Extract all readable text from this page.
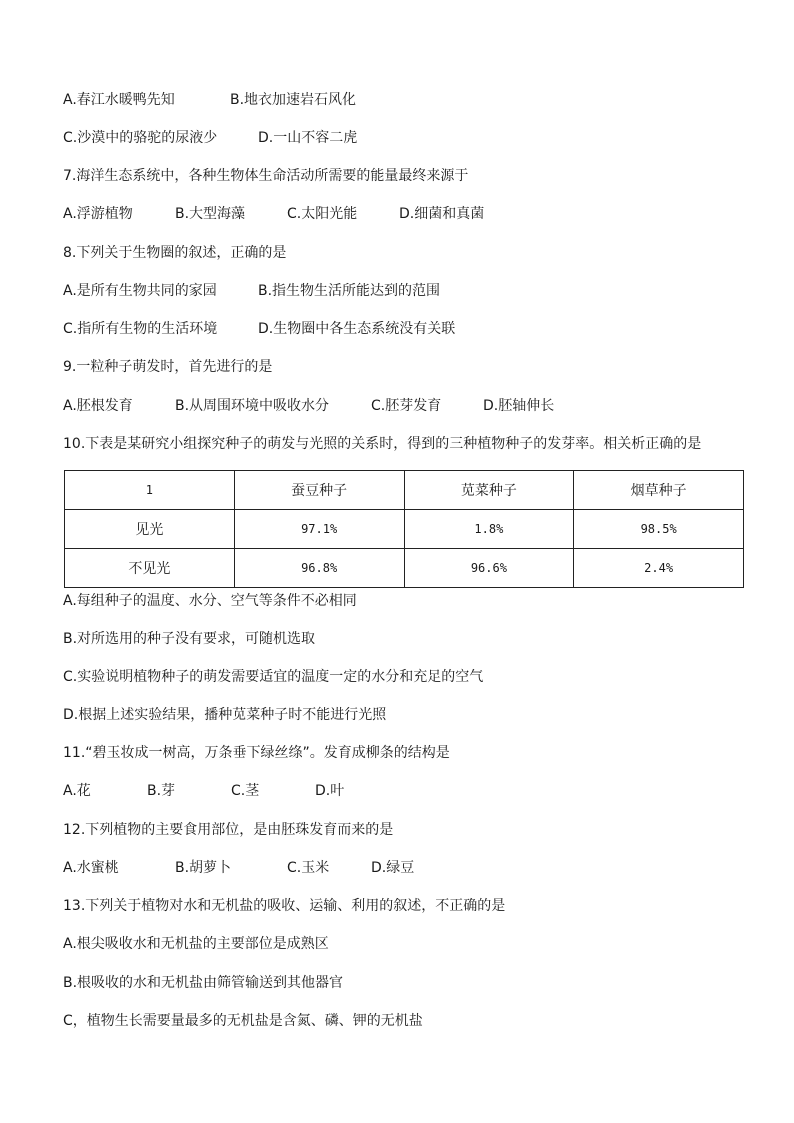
A.春江水暖鸭先知	B.地衣加速岩石风化
C.沙漠中的骆驼的尿液少	D.一山不容二虎
7.海洋生态系统中，各种生物体生命活动所需要的能量最终来源于
A.浮游植物	B.大型海藻	C.太阳光能	D.细菌和真菌
8.下列关于生物圈的叙述，正确的是
A.是所有生物共同的家园	B.指生物生活所能达到的范围
C.指所有生物的生活环境	D.生物圈中各生态系统没有关联
9.一粒种子萌发时，首先进行的是
A.胚根发育	B.从周围环境中吸收水分	C.胚芽发育	D.胚轴伸长
10.下表是某研究小组探究种子的萌发与光照的关系时，得到的三种植物种子的发芽率。相关析正确的是
1	蚕豆种子	苋菜种子	烟草种子
见光	97.1%	1.8%	98.5%
不见光	96.8%	96.6%	2.4%
A.每组种子的温度、水分、空气等条件不必相同
B.对所选用的种子没有要求，可随机选取
C.实验说明植物种子的萌发需要适宜的温度一定的水分和充足的空气
D.根据上述实验结果，播种苋菜种子时不能进行光照
11.“碧玉妆成一树高，万条垂下绿丝绦”。发育成柳条的结构是
A.花	B.芽	C.茎	D.叶
12.下列植物的主要食用部位，是由胚珠发育而来的是
A.水蜜桃	B.胡萝卜	C.玉米	D.绿豆
13.下列关于植物对水和无机盐的吸收、运输、利用的叙述，不正确的是
A.根尖吸收水和无机盐的主要部位是成熟区
B.根吸收的水和无机盐由筛管输送到其他器官
C，植物生长需要量最多的无机盐是含氮、磷、钾的无机盐
